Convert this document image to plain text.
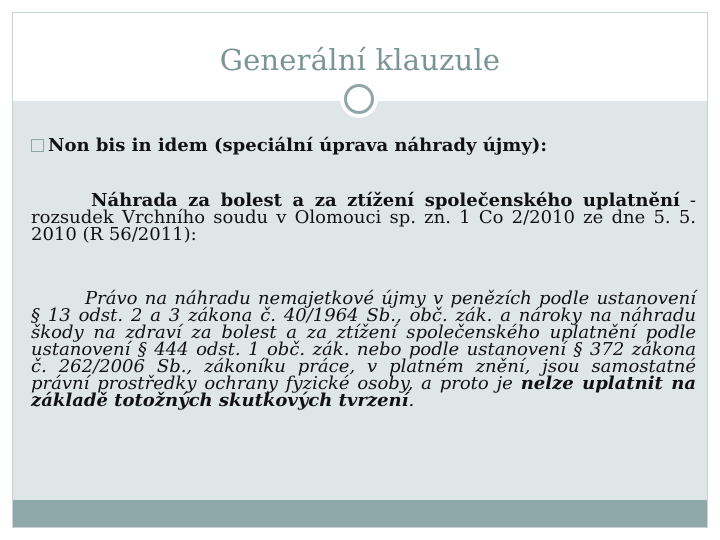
Generální klauzule
Non bis in idem (speciální úprava náhrady újmy):
Náhrada za bolest a za ztížení společenského uplatnění - rozsudek Vrchního soudu v Olomouci sp. zn. 1 Co 2/2010 ze dne 5. 5. 2010 (R 56/2011):
Právo na náhradu nemajetkové újmy v penězích podle ustanovení § 13 odst. 2 a 3 zákona č. 40/1964 Sb., obč. zák. a nároky na náhradu škody na zdraví za bolest a za ztížení společenského uplatnění podle ustanovení § 444 odst. 1 obč. zák. nebo podle ustanovení § 372 zákona č. 262/2006 Sb., zákoníku práce, v platném znění, jsou samostatné právní prostředky ochrany fyzické osoby, a proto je nelze uplatnit na základě totožných skutkových tvrzení.
